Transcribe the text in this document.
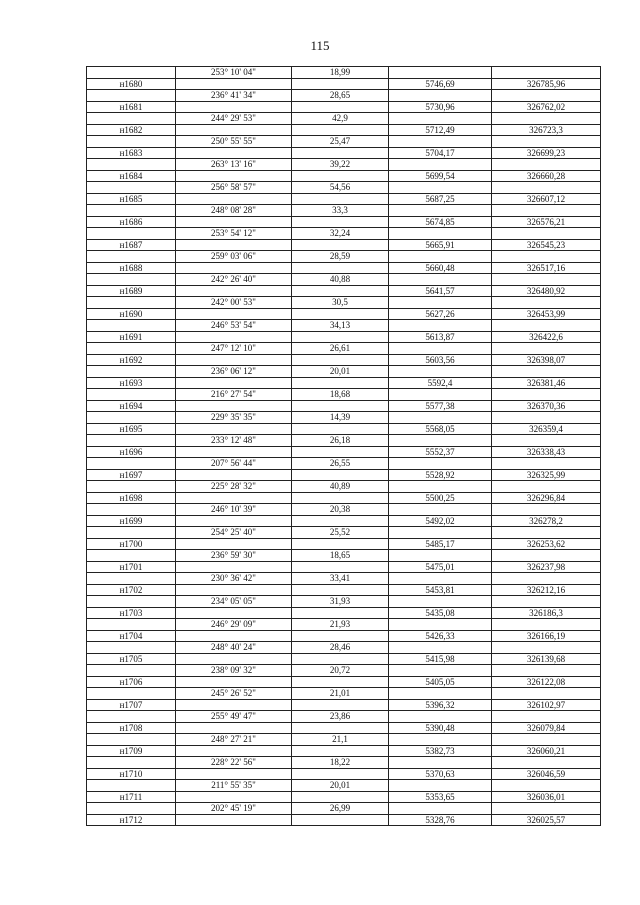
115
	253° 10' 04"	18,99		
н1680			5746,69	326785,96
	236° 41' 34"	28,65		
н1681			5730,96	326762,02
	244° 29' 53"	42,9		
н1682			5712,49	326723,3
	250° 55' 55"	25,47		
н1683			5704,17	326699,23
	263° 13' 16"	39,22		
н1684			5699,54	326660,28
	256° 58' 57"	54,56		
н1685			5687,25	326607,12
	248° 08' 28"	33,3		
н1686			5674,85	326576,21
	253° 54' 12"	32,24		
н1687			5665,91	326545,23
	259° 03' 06"	28,59		
н1688			5660,48	326517,16
	242° 26' 40"	40,88		
н1689			5641,57	326480,92
	242° 00' 53"	30,5		
н1690			5627,26	326453,99
	246° 53' 54"	34,13		
н1691			5613,87	326422,6
	247° 12' 10"	26,61		
н1692			5603,56	326398,07
	236° 06' 12"	20,01		
н1693			5592,4	326381,46
	216° 27' 54"	18,68		
н1694			5577,38	326370,36
	229° 35' 35"	14,39		
н1695			5568,05	326359,4
	233° 12' 48"	26,18		
н1696			5552,37	326338,43
	207° 56' 44"	26,55		
н1697			5528,92	326325,99
	225° 28' 32"	40,89		
н1698			5500,25	326296,84
	246° 10' 39"	20,38		
н1699			5492,02	326278,2
	254° 25' 40"	25,52		
н1700			5485,17	326253,62
	236° 59' 30"	18,65		
н1701			5475,01	326237,98
	230° 36' 42"	33,41		
н1702			5453,81	326212,16
	234° 05' 05"	31,93		
н1703			5435,08	326186,3
	246° 29' 09"	21,93		
н1704			5426,33	326166,19
	248° 40' 24"	28,46		
н1705			5415,98	326139,68
	238° 09' 32"	20,72		
н1706			5405,05	326122,08
	245° 26' 52"	21,01		
н1707			5396,32	326102,97
	255° 49' 47"	23,86		
н1708			5390,48	326079,84
	248° 27' 21"	21,1		
н1709			5382,73	326060,21
	228° 22' 56"	18,22		
н1710			5370,63	326046,59
	211° 55' 35"	20,01		
н1711			5353,65	326036,01
	202° 45' 19"	26,99		
н1712			5328,76	326025,57
